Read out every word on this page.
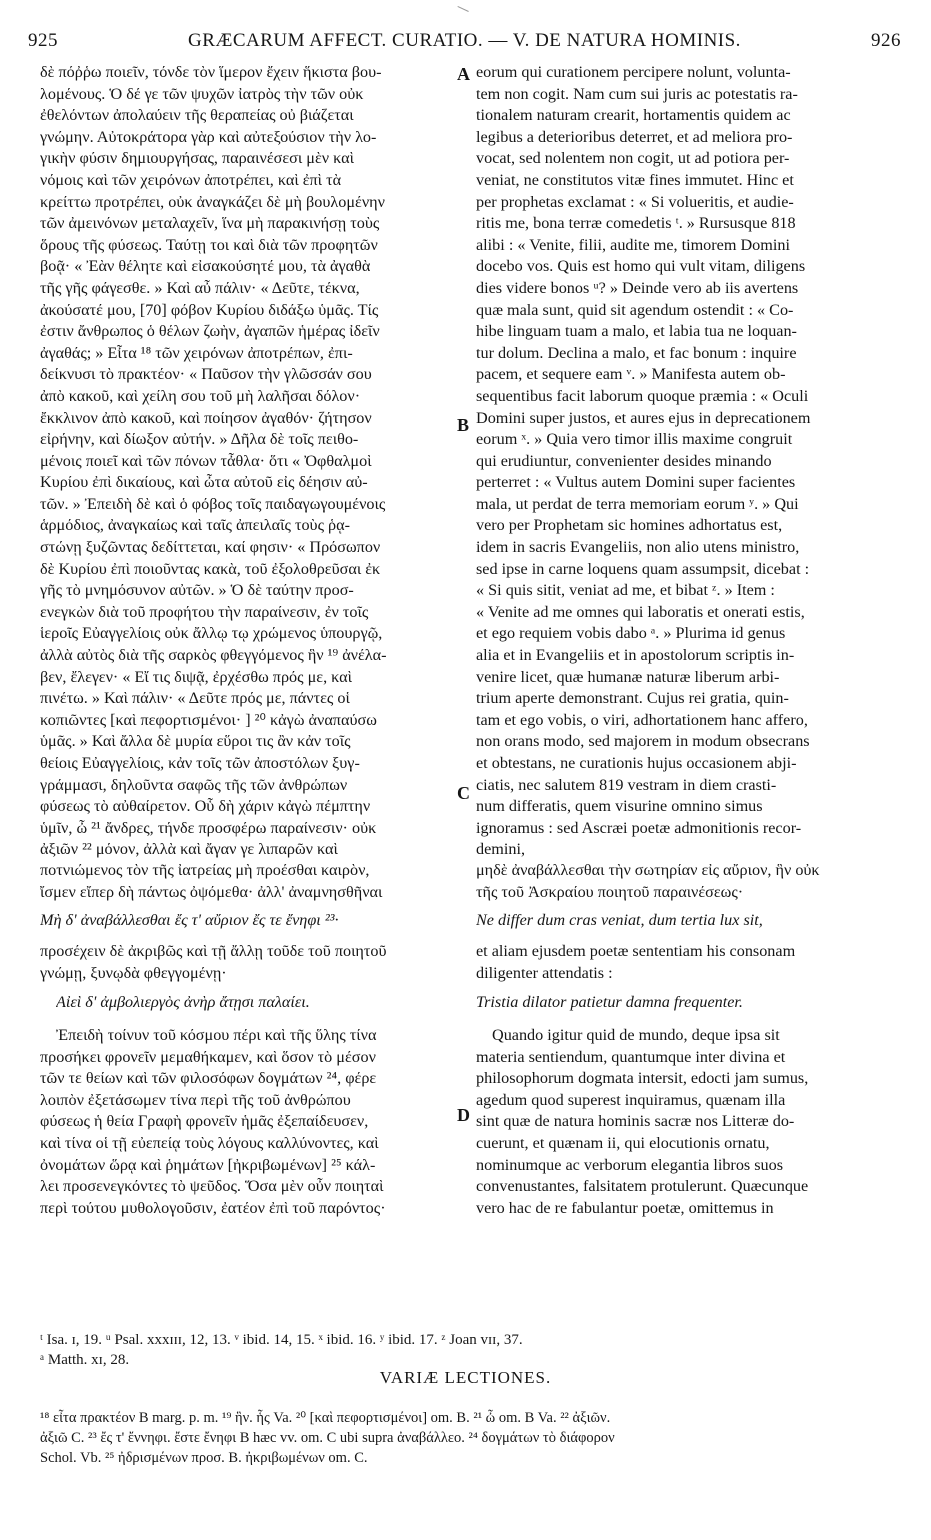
925	GRÆCARUM AFFECT. CURATIO. — V. DE NATURA HOMINIS.	926
A
B
C
D
δὲ πόῤῥω ποιεῖν, τόνδε τὸν ἵμερον ἔχειν ἥκιστα βου-
λομένους. Ὁ δέ γε τῶν ψυχῶν ἰατρὸς τὴν τῶν οὐκ
ἐθελόντων ἀπολαύειν τῆς θεραπείας οὐ βιάζεται
γνώμην. Αὐτοκράτορα γὰρ καὶ αὐτεξούσιον τὴν λο-
γικὴν φύσιν δημιουργήσας, παραινέσεσι μὲν καὶ
νόμοις καὶ τῶν χειρόνων ἀποτρέπει, καὶ ἐπὶ τὰ
κρείττω προτρέπει, οὐκ ἀναγκάζει δὲ μὴ βουλομένην
τῶν ἀμεινόνων μεταλαχεῖν, ἵνα μὴ παρακινήσῃ τοὺς
ὅρους τῆς φύσεως. Ταύτῃ τοι καὶ διὰ τῶν προφητῶν
βοᾷ· « Ἐὰν θέλητε καὶ εἰσακούσητέ μου, τὰ ἀγαθὰ
τῆς γῆς φάγεσθε. » Καὶ αὖ πάλιν· « Δεῦτε, τέκνα,
ἀκούσατέ μου, [70] φόβον Κυρίου διδάξω ὑμᾶς. Τίς
ἐστιν ἄνθρωπος ὁ θέλων ζωὴν, ἀγαπῶν ἡμέρας ἰδεῖν
ἀγαθάς; » Εἶτα ¹⁸ τῶν χειρόνων ἀποτρέπων, ἐπι-
δείκνυσι τὸ πρακτέον· « Παῦσον τὴν γλῶσσάν σου
ἀπὸ κακοῦ, καὶ χείλη σου τοῦ μὴ λαλῆσαι δόλον·
ἔκκλινον ἀπὸ κακοῦ, καὶ ποίησον ἀγαθόν· ζήτησον
εἰρήνην, καὶ δίωξον αὐτήν. » Δῆλα δὲ τοῖς πειθο-
μένοις ποιεῖ καὶ τῶν πόνων τἆθλα· ὅτι « Ὀφθαλμοὶ
Κυρίου ἐπὶ δικαίους, καὶ ὦτα αὐτοῦ εἰς δέησιν αὐ-
τῶν. » Ἐπειδὴ δὲ καὶ ὁ φόβος τοῖς παιδαγωγουμένοις
ἁρμόδιος, ἀναγκαίως καὶ ταῖς ἀπειλαῖς τοὺς ῥᾳ-
στώνῃ ξυζῶντας δεδίττεται, καί φησιν· « Πρόσωπον
δὲ Κυρίου ἐπὶ ποιοῦντας κακὰ, τοῦ ἐξολοθρεῦσαι ἐκ
γῆς τὸ μνημόσυνον αὐτῶν. » Ὁ δὲ ταύτην προσ-
ενεγκὼν διὰ τοῦ προφήτου τὴν παραίνεσιν, ἐν τοῖς
ἱεροῖς Εὐαγγελίοις οὐκ ἄλλῳ τῳ χρώμενος ὑπουργῷ,
ἀλλὰ αὐτὸς διὰ τῆς σαρκὸς φθεγγόμενος ἣν ¹⁹ ἀνέλα-
βεν, ἔλεγεν· « Εἴ τις διψᾷ, ἐρχέσθω πρός με, καὶ
πινέτω. » Καὶ πάλιν· « Δεῦτε πρός με, πάντες οἱ
κοπιῶντες [καὶ πεφορτισμένοι· ] ²⁰ κἀγὼ ἀναπαύσω
ὑμᾶς. » Καὶ ἄλλα δὲ μυρία εὕροι τις ἂν κἀν τοῖς
θείοις Εὐαγγελίοις, κἀν τοῖς τῶν ἀποστόλων ξυγ-
γράμμασι, δηλοῦντα σαφῶς τῆς τῶν ἀνθρώπων
φύσεως τὸ αὐθαίρετον. Οὗ δὴ χάριν κἀγὼ πέμπτην
ὑμῖν, ὦ ²¹ ἄνδρες, τήνδε προσφέρω παραίνεσιν· οὐκ
ἀξιῶν ²² μόνον, ἀλλὰ καὶ ἄγαν γε λιπαρῶν καὶ
eorum qui curationem percipere nolunt, volunta-
tem non cogit. Nam cum sui juris ac potestatis ra-
tionalem naturam crearit, hortamentis quidem ac
legibus a deterioribus deterret, et ad meliora pro-
vocat, sed nolentem non cogit, ut ad potiora per-
veniat, ne constitutos vitæ fines immutet. Hinc et
per prophetas exclamat : « Si volueritis, et audie-
ritis me, bona terræ comedetis ᵗ. » Rursusque 818
alibi : « Venite, filii, audite me, timorem Domini
docebo vos. Quis est homo qui vult vitam, diligens
dies videre bonos ᵘ? » Deinde vero ab iis avertens
quæ mala sunt, quid sit agendum ostendit : « Co-
hibe linguam tuam a malo, et labia tua ne loquan-
tur dolum. Declina a malo, et fac bonum : inquire
pacem, et sequere eam ᵛ. » Manifesta autem ob-
sequentibus facit laborum quoque præmia : « Oculi
Domini super justos, et aures ejus in deprecationem
eorum ˣ. » Quia vero timor illis maxime congruit
qui erudiuntur, convenienter desides minando
perterret : « Vultus autem Domini super facientes
mala, ut perdat de terra memoriam eorum ʸ. » Qui
vero per Prophetam sic homines adhortatus est,
idem in sacris Evangeliis, non alio utens ministro,
sed ipse in carne loquens quam assumpsit, dicebat :
« Si quis sitit, veniat ad me, et bibat ᶻ. » Item :
« Venite ad me omnes qui laboratis et onerati estis,
et ego requiem vobis dabo ᵃ. » Plurima id genus
alia et in Evangeliis et in apostolorum scriptis in-
venire licet, quæ humanæ naturæ liberum arbi-
trium aperte demonstrant. Cujus rei gratia, quin-
tam et ego vobis, o viri, adhortationem hanc affero,
non orans modo, sed majorem in modum obsecrans
et obtestans, ne curationis hujus occasionem abji-
ciatis, nec salutem 819 vestram in diem crasti-
num differatis, quem visurine omnino simus
ignoramus : sed Ascræi poetæ admonitionis recor-
demini,
ποτνιώμενος τὸν τῆς ἰατρείας μὴ προέσθαι καιρὸν,	μηδὲ ἀναβάλλεσθαι τὴν σωτηρίαν εἰς αὔριον, ἣν οὐκ
ἴσμεν εἴπερ δὴ πάντως ὀψόμεθα· ἀλλ' ἀναμνησθῆναι	τῆς τοῦ Ἀσκραίου ποιητοῦ παραινέσεως·
Μὴ δ' ἀναβάλλεσθαι ἔς τ' αὔριον ἔς τε ἔνηφι ²³·	Ne differ dum cras veniat, dum tertia lux sit,
προσέχειν δὲ ἀκριβῶς καὶ τῇ ἄλλῃ τοῦδε τοῦ ποιητοῦ	et aliam ejusdem poetæ sententiam his consonam
γνώμῃ, ξυνῳδὰ φθεγγομένῃ·	diligenter attendatis :
Αἰεὶ δ' ἀμβολιεργὸς ἀνὴρ ἄτῃσι παλαίει.	Tristia dilator patietur damna frequenter.
Ἐπειδὴ τοίνυν τοῦ κόσμου πέρι καὶ τῆς ὕλης τίνα
προσήκει φρονεῖν μεμαθήκαμεν, καὶ ὅσον τὸ μέσον
τῶν τε θείων καὶ τῶν φιλοσόφων δογμάτων ²⁴, φέρε
λοιπὸν ἐξετάσωμεν τίνα περὶ τῆς τοῦ ἀνθρώπου
φύσεως ἡ θεία Γραφὴ φρονεῖν ἡμᾶς ἐξεπαίδευσεν,
καὶ τίνα οἱ τῇ εὐεπείᾳ τοὺς λόγους καλλύνοντες, καὶ
ὀνομάτων ὥρᾳ καὶ ῥημάτων [ἠκριβωμένων] ²⁵ κάλ-
λει προσενεγκόντες τὸ ψεῦδος. Ὅσα μὲν οὖν ποιηταὶ
περὶ τούτου μυθολογοῦσιν, ἐατέον ἐπὶ τοῦ παρόντος·
Quando igitur quid de mundo, deque ipsa sit
materia sentiendum, quantumque inter divina et
philosophorum dogmata intersit, edocti jam sumus,
agedum quod superest inquiramus, quænam illa
sint quæ de natura hominis sacræ nos Litteræ do-
cuerunt, et quænam ii, qui elocutionis ornatu,
nominumque ac verborum elegantia libros suos
convenustantes, falsitatem protulerunt. Quæcunque
vero hac de re fabulantur poetæ, omittemus in
ᵗ Isa. ɪ, 19. ᵘ Psal. xxxɪɪɪ, 12, 13. ᵛ ibid. 14, 15. ˣ ibid. 16. ʸ ibid. 17. ᶻ Joan vɪɪ, 37.
ᵃ Matth. xɪ, 28.
VARIÆ LECTIONES.
¹⁸ εἶτα πρακτέον B marg. p. m. ¹⁹ ἣν. ἧς Va. ²⁰ [καὶ πεφορτισμένοι] om. B. ²¹ ὦ om. B Va. ²² ἀξιῶν.
ἀξιῶ C. ²³ ἔς τ' ἔννηφι. ἔστε ἔνηφι B hæc vv. om. C ubi supra ἀναβάλλεο. ²⁴ δογμάτων τὸ διάφορον
Schol. Vb. ²⁵ ἠδρισμένων προσ. B. ἠκριβωμένων om. C.
